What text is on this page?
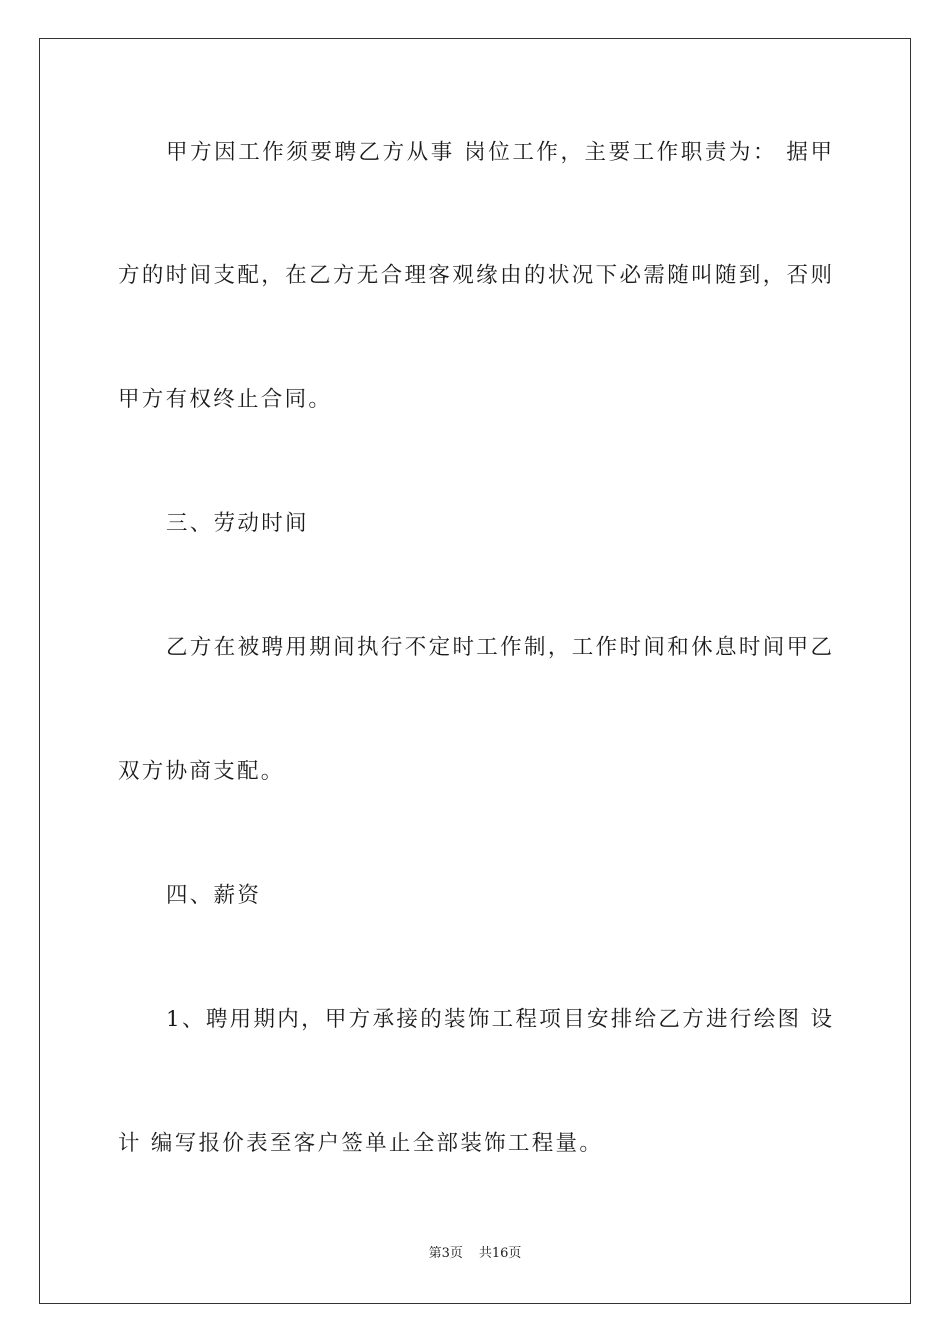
甲方因工作须要聘乙方从事 岗位工作，主要工作职责为： 据甲
方的时间支配，在乙方无合理客观缘由的状况下必需随叫随到，否则
甲方有权终止合同。
三、劳动时间
乙方在被聘用期间执行不定时工作制，工作时间和休息时间甲乙
双方协商支配。
四、薪资
1、聘用期内，甲方承接的装饰工程项目安排给乙方进行绘图 设
计 编写报价表至客户签单止全部装饰工程量。
第3页 共16页
